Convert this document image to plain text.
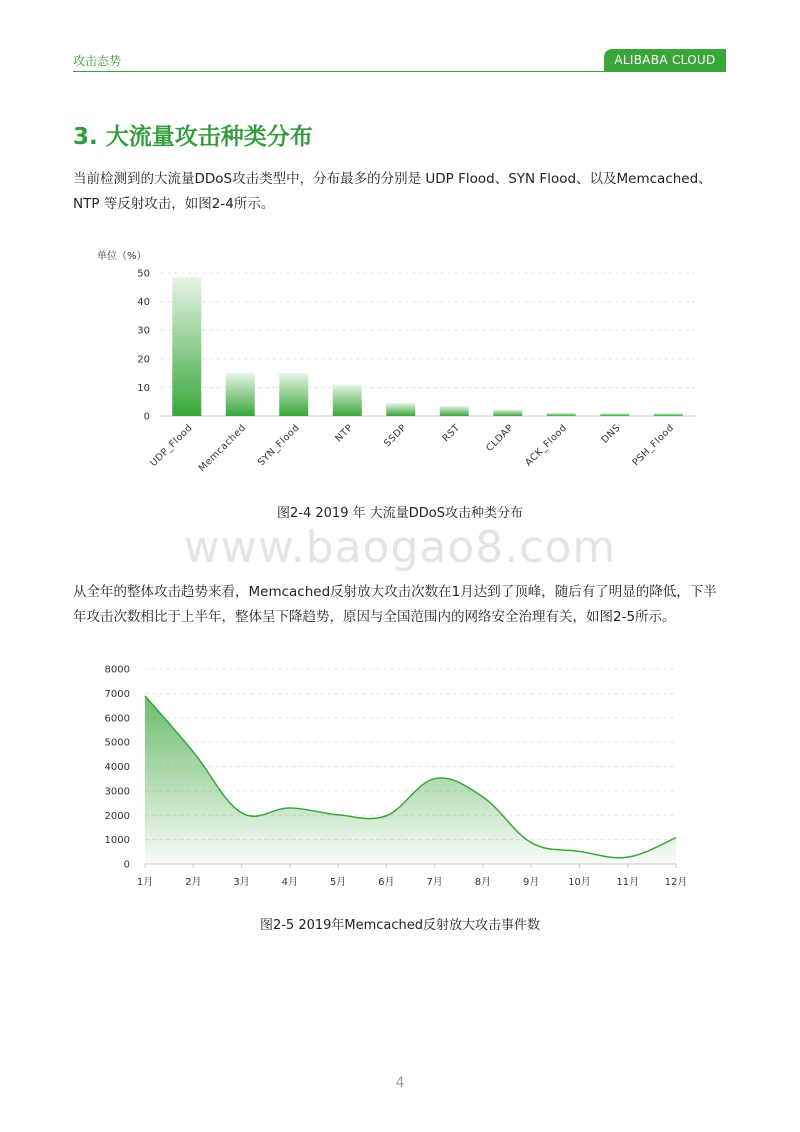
攻击态势	ALIBABA CLOUD
3. 大流量攻击种类分布
当前检测到的大流量DDoS攻击类型中，分布最多的分别是 UDP Flood、SYN Flood、以及Memcached、NTP 等反射攻击，如图2-4所示。
单位（%）
0
10
20
30
40
50
UDP_Flood Memcached SYN_Flood	NTP	SSDP	RST CLDAP ACK_Flood	DNS PSH_Flood
图2-4 2019 年 大流量DDoS攻击种类分布
www.baogao8.com
从全年的整体攻击趋势来看，Memcached反射放大攻击次数在1月达到了顶峰，随后有了明显的降低，下半年攻击次数相比于上半年，整体呈下降趋势，原因与全国范围内的网络安全治理有关，如图2-5所示。
0
1000
2000
3000
4000
5000
6000
7000
8000
1月	2月	3月	4月	5月	6月	7月	8月	9月	10月	11月	12月
图2-5 2019年Memcached反射放大攻击事件数
4
